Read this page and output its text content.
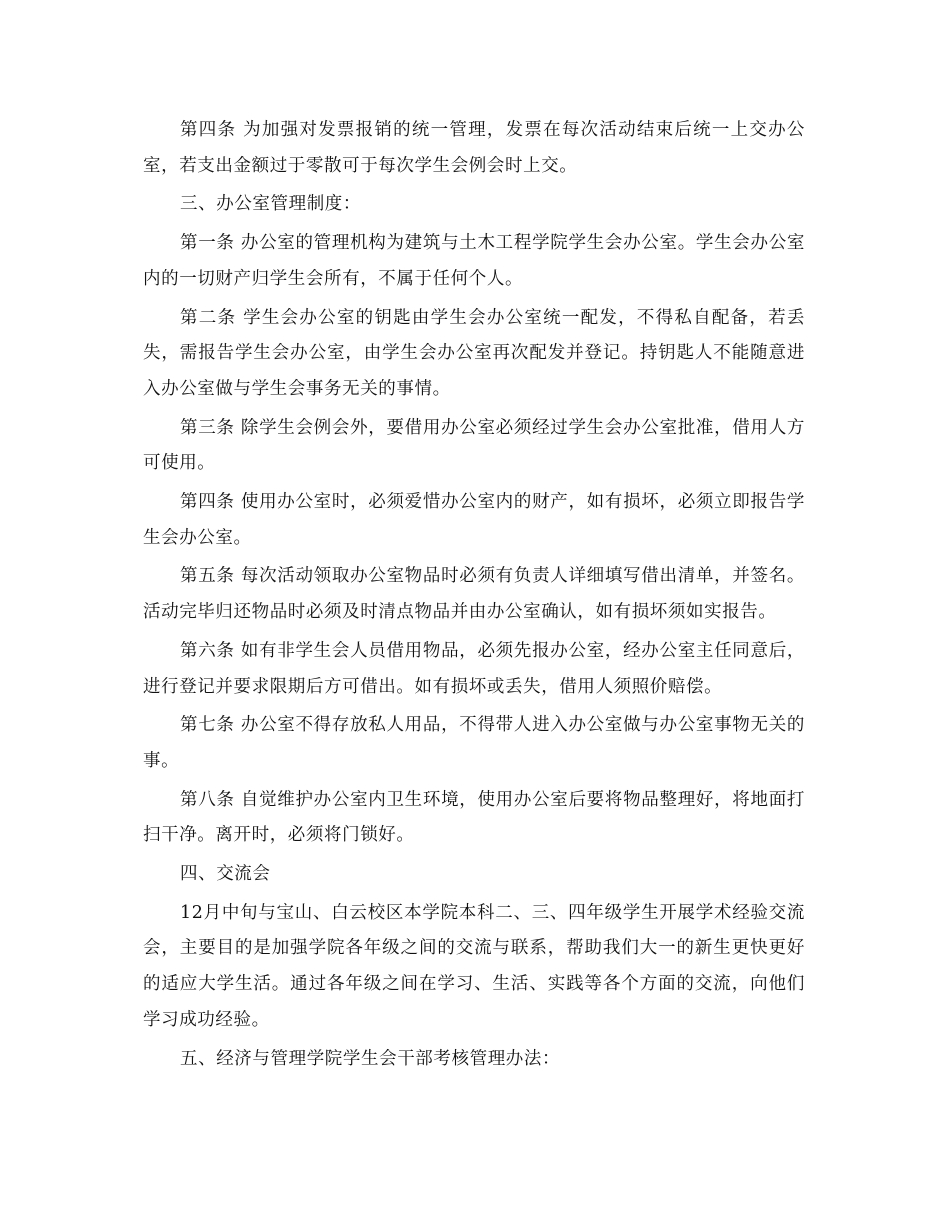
第四条 为加强对发票报销的统一管理，发票在每次活动结束后统一上交办公室，若支出金额过于零散可于每次学生会例会时上交。

三、办公室管理制度：

第一条 办公室的管理机构为建筑与土木工程学院学生会办公室。学生会办公室内的一切财产归学生会所有，不属于任何个人。

第二条 学生会办公室的钥匙由学生会办公室统一配发，不得私自配备，若丢失，需报告学生会办公室，由学生会办公室再次配发并登记。持钥匙人不能随意进入办公室做与学生会事务无关的事情。

第三条 除学生会例会外，要借用办公室必须经过学生会办公室批准，借用人方可使用。

第四条 使用办公室时，必须爱惜办公室内的财产，如有损坏，必须立即报告学生会办公室。

第五条 每次活动领取办公室物品时必须有负责人详细填写借出清单，并签名。活动完毕归还物品时必须及时清点物品并由办公室确认，如有损坏须如实报告。

第六条 如有非学生会人员借用物品，必须先报办公室，经办公室主任同意后，进行登记并要求限期后方可借出。如有损坏或丢失，借用人须照价赔偿。

第七条 办公室不得存放私人用品，不得带人进入办公室做与办公室事物无关的事。

第八条 自觉维护办公室内卫生环境，使用办公室后要将物品整理好，将地面打扫干净。离开时，必须将门锁好。

四、交流会

12月中旬与宝山、白云校区本学院本科二、三、四年级学生开展学术经验交流会，主要目的是加强学院各年级之间的交流与联系，帮助我们大一的新生更快更好的适应大学生活。通过各年级之间在学习、生活、实践等各个方面的交流，向他们学习成功经验。

五、经济与管理学院学生会干部考核管理办法：
